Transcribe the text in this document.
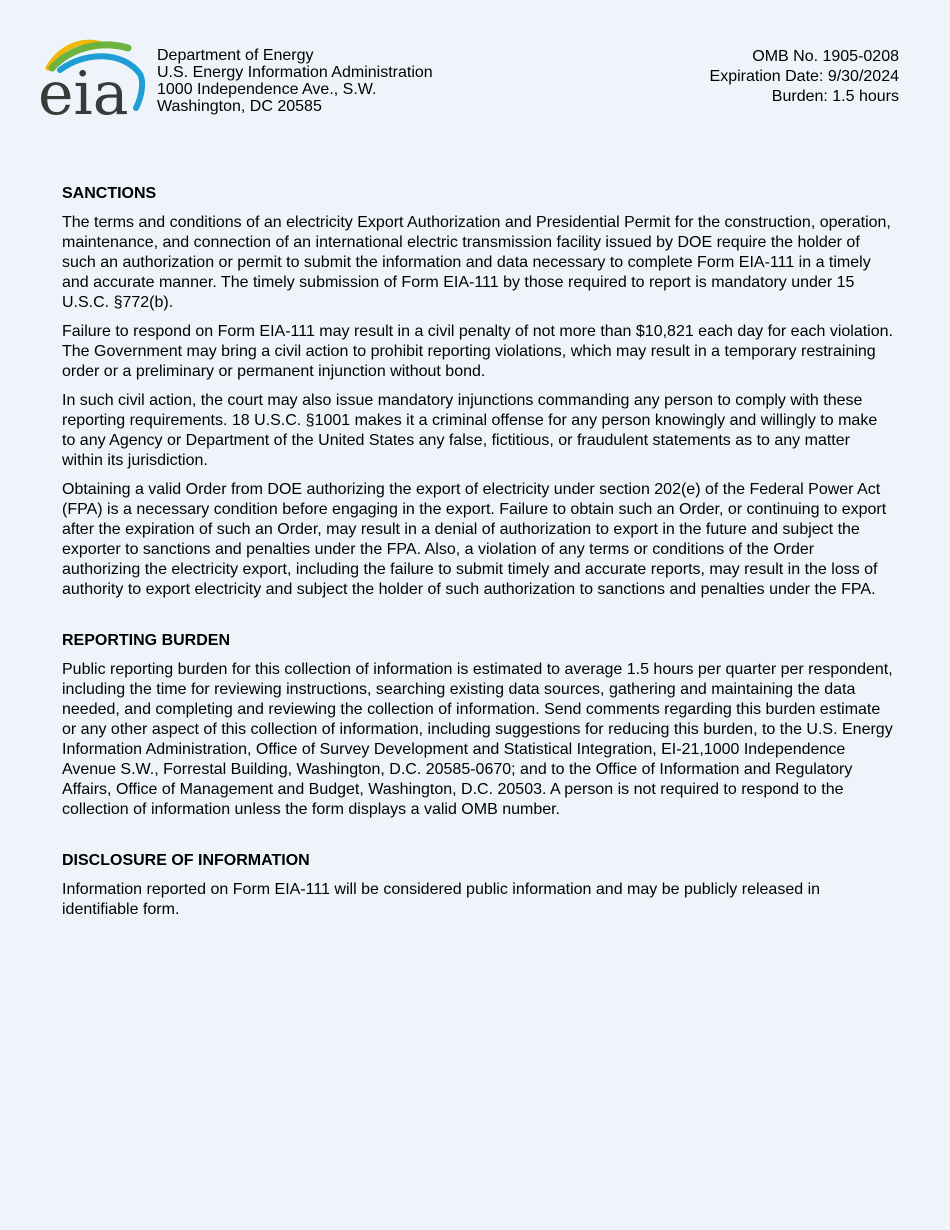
eia
Department of Energy
U.S. Energy Information Administration
1000 Independence Ave., S.W.
Washington, DC 20585
OMB No. 1905-0208
Expiration Date: 9/30/2024
Burden: 1.5 hours
SANCTIONS

The terms and conditions of an electricity Export Authorization and Presidential Permit for the construction, operation, maintenance, and connection of an international electric transmission facility issued by DOE require the holder of such an authorization or permit to submit the information and data necessary to complete Form EIA-111 in a timely and accurate manner. The timely submission of Form EIA-111 by those required to report is mandatory under 15 U.S.C. §772(b).

Failure to respond on Form EIA-111 may result in a civil penalty of not more than $10,821 each day for each violation. The Government may bring a civil action to prohibit reporting violations, which may result in a temporary restraining order or a preliminary or permanent injunction without bond.

In such civil action, the court may also issue mandatory injunctions commanding any person to comply with these reporting requirements. 18 U.S.C. §1001 makes it a criminal offense for any person knowingly and willingly to make to any Agency or Department of the United States any false, fictitious, or fraudulent statements as to any matter within its jurisdiction.

Obtaining a valid Order from DOE authorizing the export of electricity under section 202(e) of the Federal Power Act (FPA) is a necessary condition before engaging in the export. Failure to obtain such an Order, or continuing to export after the expiration of such an Order, may result in a denial of authorization to export in the future and subject the exporter to sanctions and penalties under the FPA. Also, a violation of any terms or conditions of the Order authorizing the electricity export, including the failure to submit timely and accurate reports, may result in the loss of authority to export electricity and subject the holder of such authorization to sanctions and penalties under the FPA.

REPORTING BURDEN

Public reporting burden for this collection of information is estimated to average 1.5 hours per quarter per respondent, including the time for reviewing instructions, searching existing data sources, gathering and maintaining the data needed, and completing and reviewing the collection of information. Send comments regarding this burden estimate or any other aspect of this collection of information, including suggestions for reducing this burden, to the U.S. Energy Information Administration, Office of Survey Development and Statistical Integration, EI-21,1000 Independence Avenue S.W., Forrestal Building, Washington, D.C. 20585-0670; and to the Office of Information and Regulatory Affairs, Office of Management and Budget, Washington, D.C. 20503. A person is not required to respond to the collection of information unless the form displays a valid OMB number.

DISCLOSURE OF INFORMATION

Information reported on Form EIA-111 will be considered public information and may be publicly released in identifiable form.
